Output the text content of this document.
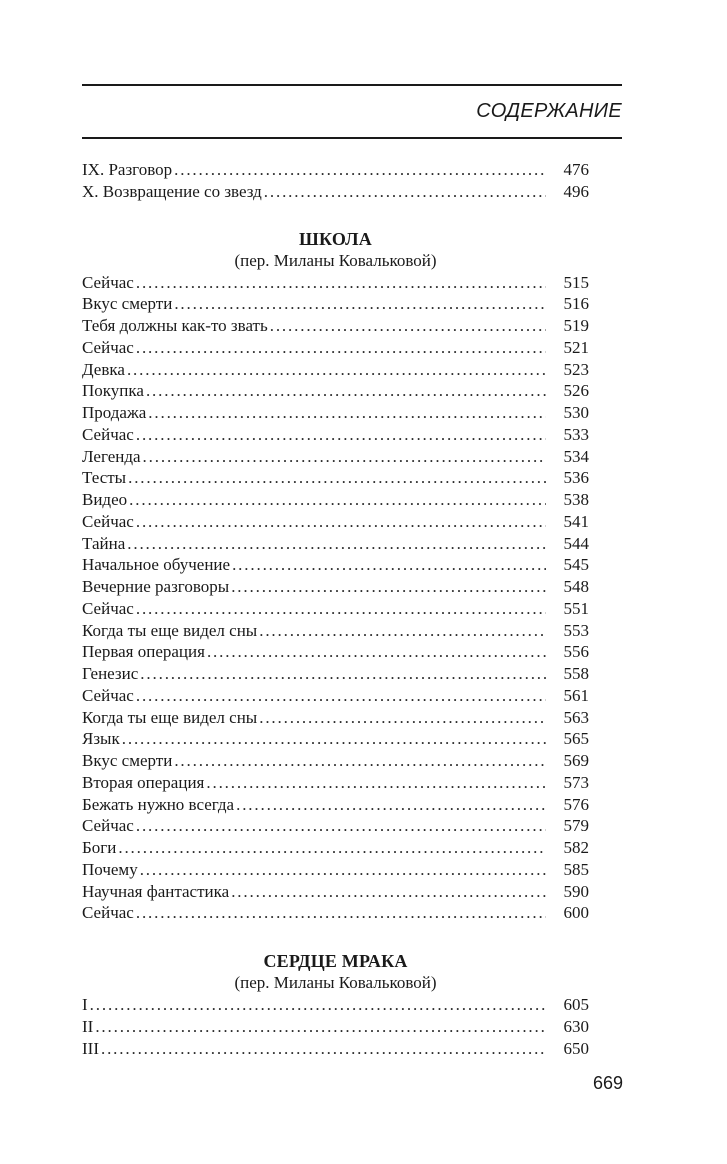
СОДЕРЖАНИЕ
IX. Разговор . . .	476
X. Возвращение со звезд . . .	496
ШКОЛА
(пер. Миланы Ковальковой)
Сейчас . . .	515
Вкус смерти . . .	516
Тебя должны как-то звать . . .	519
Сейчас . . .	521
Девка . . .	523
Покупка . . .	526
Продажа . . .	530
Сейчас . . .	533
Легенда . . .	534
Тесты . . .	536
Видео . . .	538
Сейчас . . .	541
Тайна . . .	544
Начальное обучение . . .	545
Вечерние разговоры . . .	548
Сейчас . . .	551
Когда ты еще видел сны . . .	553
Первая операция . . .	556
Генезис . . .	558
Сейчас . . .	561
Когда ты еще видел сны . . .	563
Язык . . .	565
Вкус смерти . . .	569
Вторая операция . . .	573
Бежать нужно всегда . . .	576
Сейчас . . .	579
Боги . . .	582
Почему . . .	585
Научная фантастика . . .	590
Сейчас . . .	600
СЕРДЦЕ МРАКА
(пер. Миланы Ковальковой)
I . . .	605
II . . .	630
III . . .	650
669
